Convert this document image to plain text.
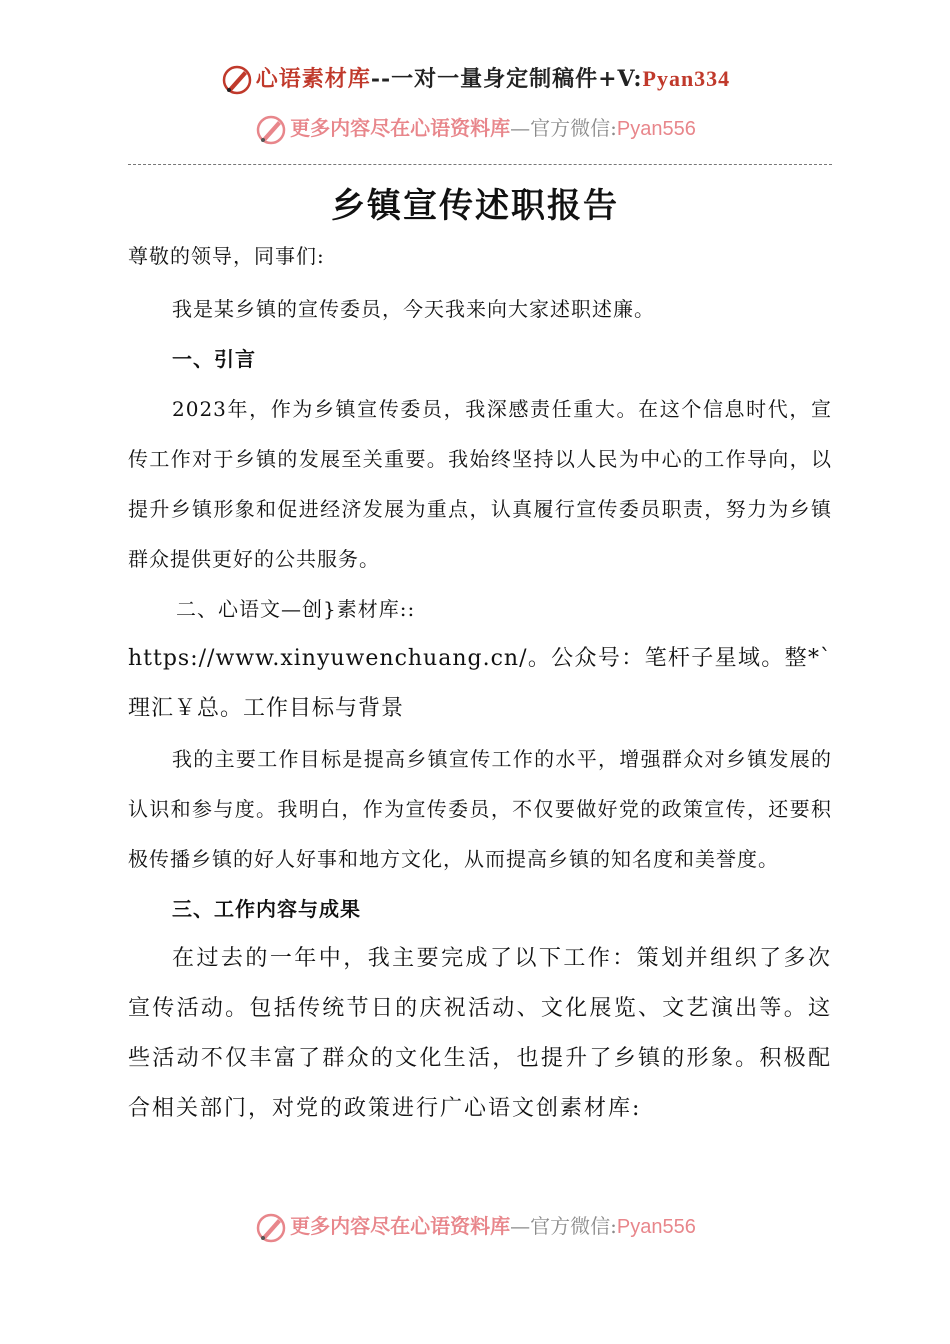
心语素材库--一对一量身定制稿件+V:Pyan334
更多内容尽在心语资料库—官方微信:Pyan556
乡镇宣传述职报告

尊敬的领导，同事们:

我是某乡镇的宣传委员，今天我来向大家述职述廉。

一、引言

2023年，作为乡镇宣传委员，我深感责任重大。在这个信息时代，宣传工作对于乡镇的发展至关重要。我始终坚持以人民为中心的工作导向，以提升乡镇形象和促进经济发展为重点，认真履行宣传委员职责，努力为乡镇群众提供更好的公共服务。

二、心语文—创}素材库::

https://www.xinyuwenchuang.cn/。公众号：笔杆子星域。整*`理汇￥总。工作目标与背景

我的主要工作目标是提高乡镇宣传工作的水平，增强群众对乡镇发展的认识和参与度。我明白，作为宣传委员，不仅要做好党的政策宣传，还要积极传播乡镇的好人好事和地方文化，从而提高乡镇的知名度和美誉度。

三、工作内容与成果

在过去的一年中，我主要完成了以下工作：策划并组织了多次宣传活动。包括传统节日的庆祝活动、文化展览、文艺演出等。这些活动不仅丰富了群众的文化生活，也提升了乡镇的形象。积极配合相关部门，对党的政策进行广心语文创素材库:

更多内容尽在心语资料库—官方微信:Pyan556
